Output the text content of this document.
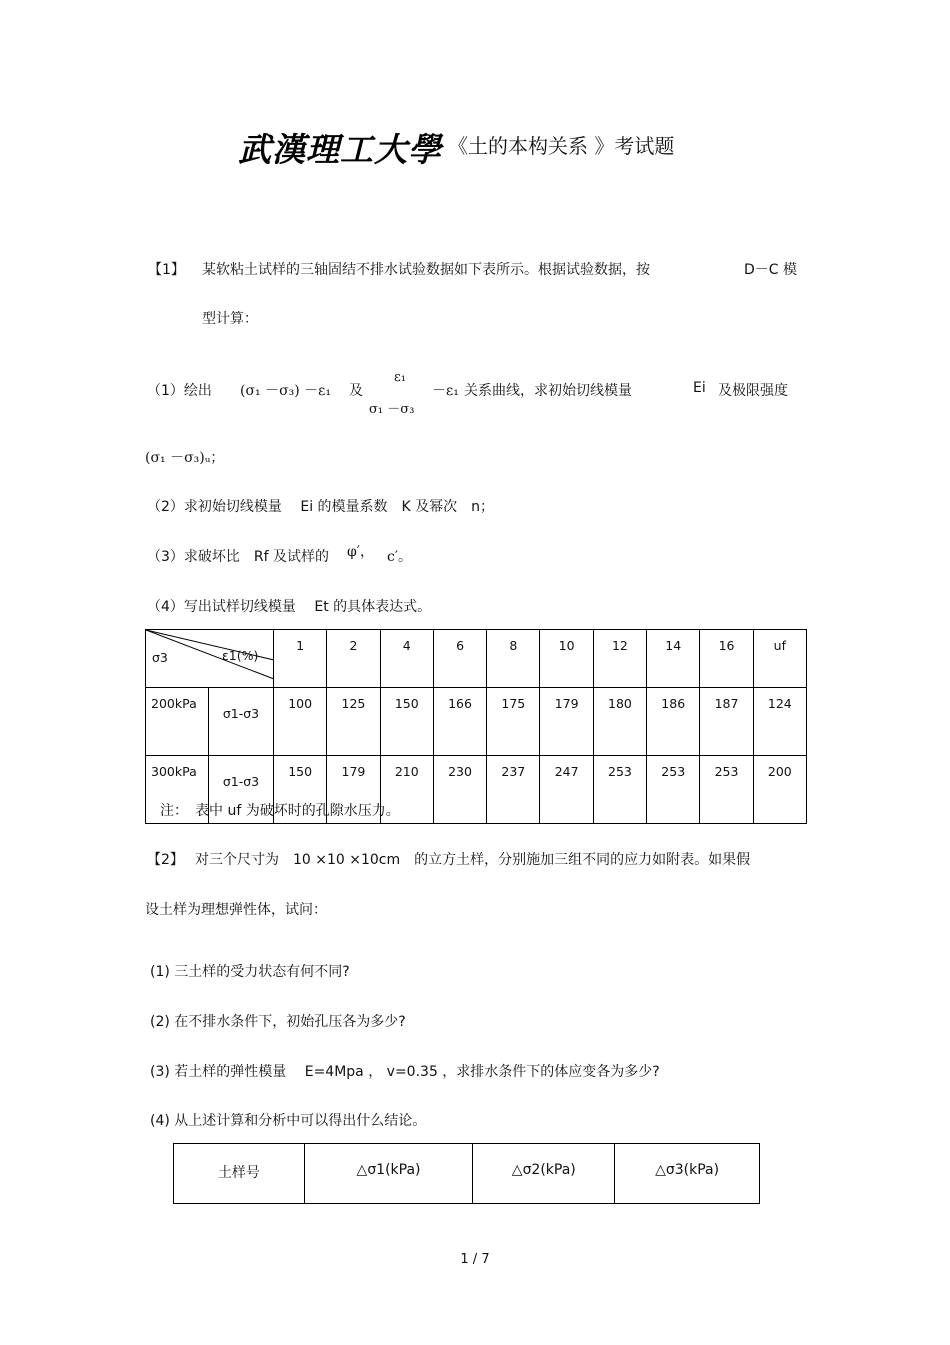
武漢理工大學 《土的本构关系 》考试题
【1】 某软粘土试样的三轴固结不排水试验数据如下表所示。根据试验数据，按	D－C 模
型计算：
（1）绘出 (σ₁ －σ₃) －ε₁ 及
ε₁
σ₁ －σ₃
－ε₁ 关系曲线，求初始切线模量	Ei 及极限强度
(σ₁ －σ₃)ᵤ；
（2）求初始切线模量　 Ei 的模量系数　K 及幂次　n；
（3）求破坏比　Rf 及试样的 φ′， c′。
（4）写出试样切线模量　 Et 的具体表达式。
σ3 ε1(%)		1	2	4	6	8	10	12	14	16	uf
200kPa	σ1-σ3	100	125	150	166	175	179	180	186	187	124
300kPa	σ1-σ3	150	179	210	230	237	247	253	253	253	200
注：　表中 uf 为破坏时的孔隙水压力。
【2】 对三个尺寸为　10 ×10 ×10cm　的立方土样，分别施加三组不同的应力如附表。如果假
设土样为理想弹性体，试问：
(1) 三土样的受力状态有何不同?
(2) 在不排水条件下，初始孔压各为多少?
(3) 若土样的弹性模量　 E=4Mpa ， v=0.35 ，求排水条件下的体应变各为多少?
(4) 从上述计算和分析中可以得出什么结论。
土样号	△σ1(kPa)	△σ2(kPa)	△σ3(kPa)
1 / 7
